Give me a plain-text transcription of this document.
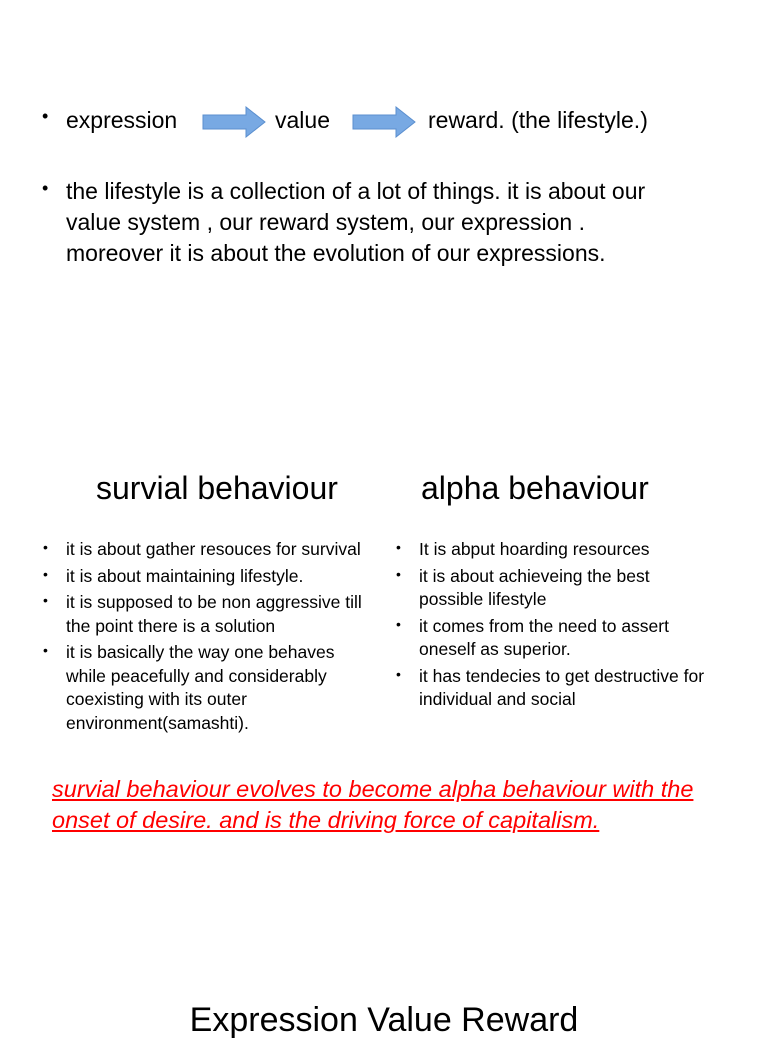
• expression	value	reward. (the lifestyle.)
• the lifestyle is a collection of a lot of things. it is about our
value system , our reward system, our expression .
moreover it is about the evolution of our expressions.
survial behaviour	alpha behaviour
• it is about gather resouces for survival
• it is about maintaining lifestyle.
• it is supposed to be non aggressive till the point there is a solution
• it is basically the way one behaves while peacefully and considerably coexisting with its outer environment(samashti).
• It is abput hoarding resources
• it is about achieveing the best possible lifestyle
• it comes from the need to assert oneself as superior.
• it has tendecies to get destructive for individual and social
survial behaviour evolves to become alpha behaviour with the onset of desire. and is the driving force of capitalism.
Expression Value Reward
